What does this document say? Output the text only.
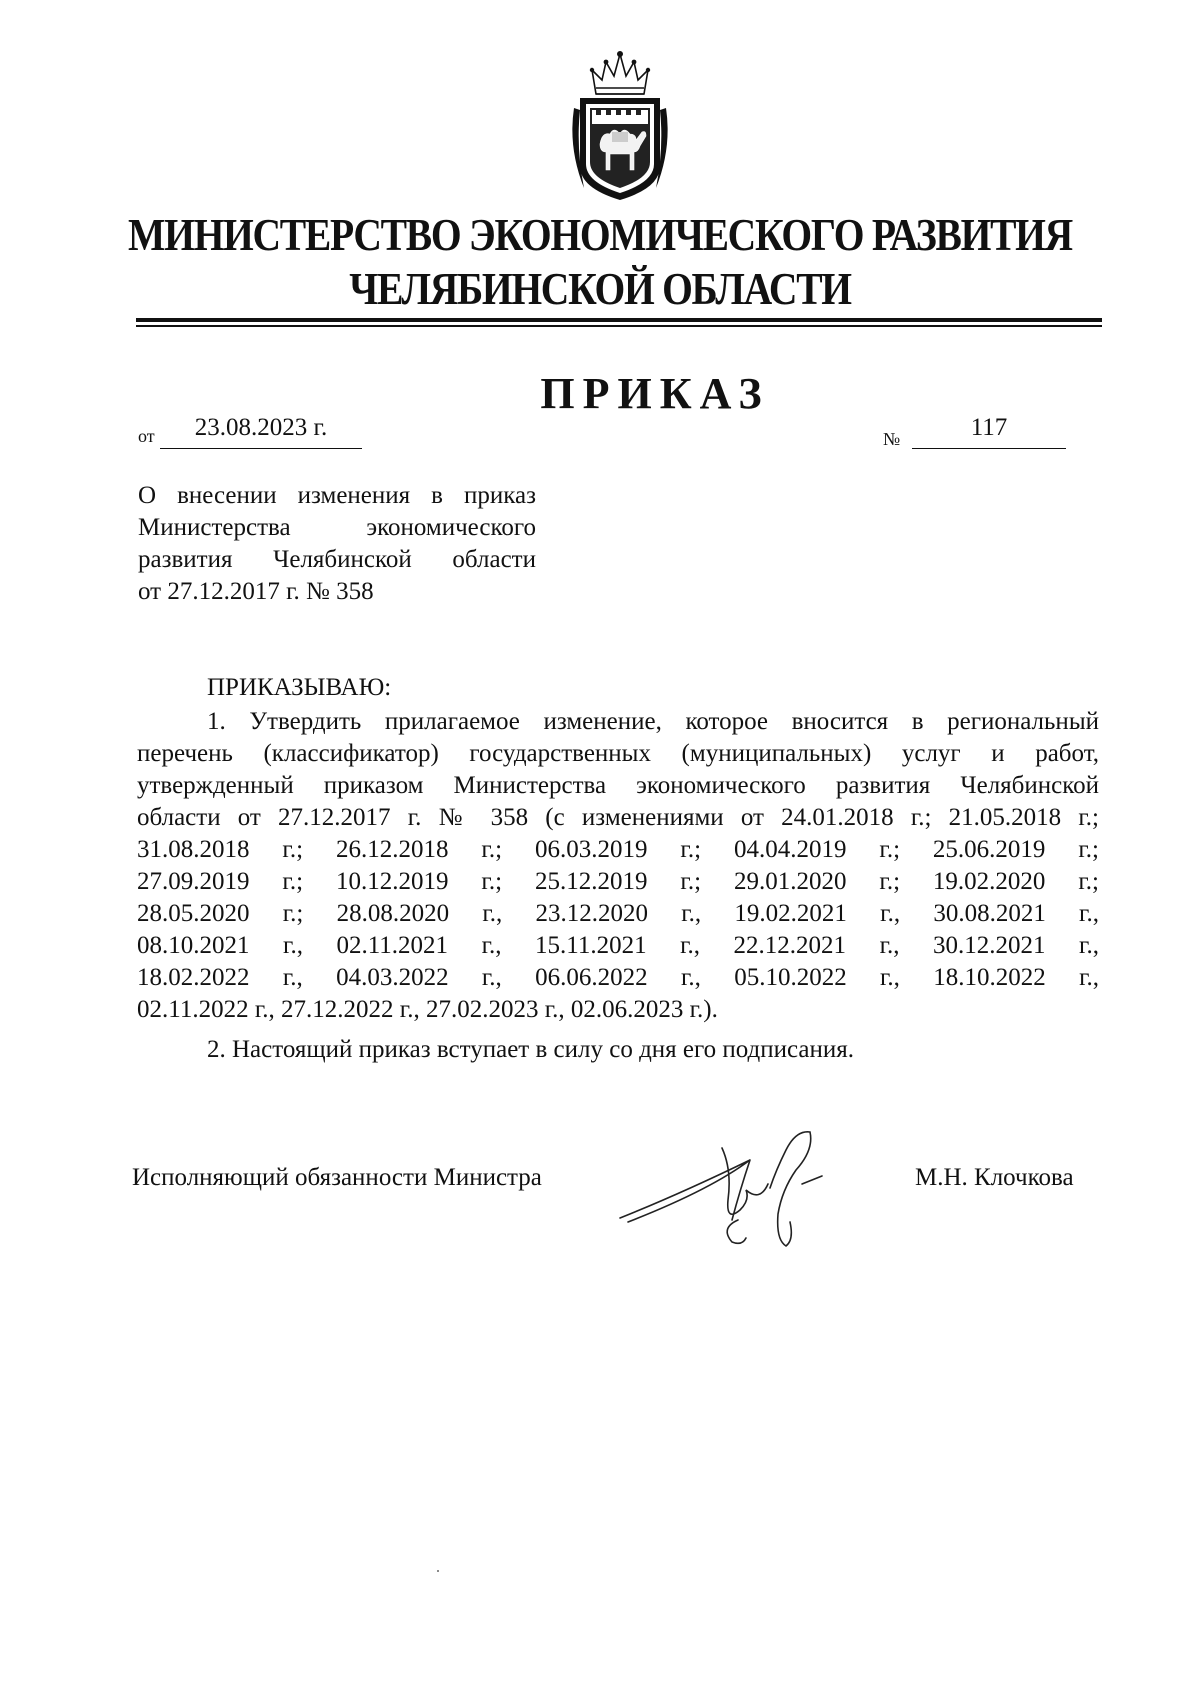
МИНИСТЕРСТВО ЭКОНОМИЧЕСКОГО РАЗВИТИЯ
ЧЕЛЯБИНСКОЙ ОБЛАСТИ
ПРИКАЗ
от	23.08.2023 г.	№	117
О внесении изменения в приказ
Министерства экономического
развития Челябинской области
от 27.12.2017 г. № 358
ПРИКАЗЫВАЮ:
1. Утвердить прилагаемое изменение, которое вносится в региональный
перечень (классификатор) государственных (муниципальных) услуг и работ,
утвержденный приказом Министерства экономического развития Челябинской
области от 27.12.2017 г. № 358 (с изменениями от 24.01.2018 г.; 21.05.2018 г.;
31.08.2018 г.; 26.12.2018 г.; 06.03.2019 г.; 04.04.2019 г.; 25.06.2019 г.;
27.09.2019 г.; 10.12.2019 г.; 25.12.2019 г.; 29.01.2020 г.; 19.02.2020 г.;
28.05.2020 г.; 28.08.2020 г., 23.12.2020 г., 19.02.2021 г., 30.08.2021 г.,
08.10.2021 г., 02.11.2021 г., 15.11.2021 г., 22.12.2021 г., 30.12.2021 г.,
18.02.2022 г., 04.03.2022 г., 06.06.2022 г., 05.10.2022 г., 18.10.2022 г.,
02.11.2022 г., 27.12.2022 г., 27.02.2023 г., 02.06.2023 г.).
2. Настоящий приказ вступает в силу со дня его подписания.
Исполняющий обязанности Министра	М.Н. Клочкова
